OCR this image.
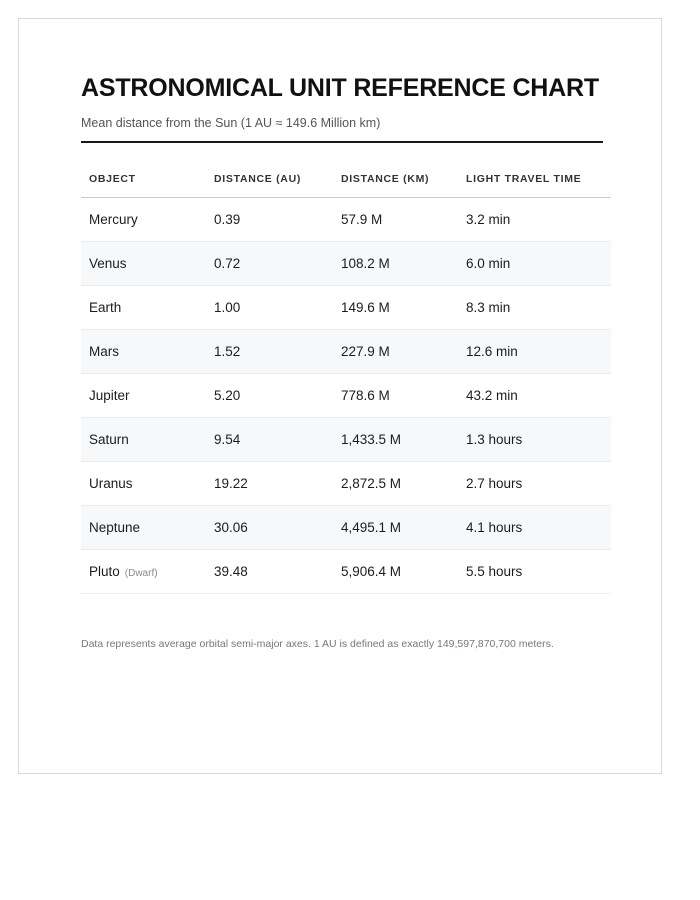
ASTRONOMICAL UNIT REFERENCE CHART

Mean distance from the Sun (1 AU ≈ 149.6 Million km)

OBJECT	DISTANCE (AU)	DISTANCE (KM)	LIGHT TRAVEL TIME
Mercury	0.39	57.9 M	3.2 min
Venus	0.72	108.2 M	6.0 min
Earth	1.00	149.6 M	8.3 min
Mars	1.52	227.9 M	12.6 min
Jupiter	5.20	778.6 M	43.2 min
Saturn	9.54	1,433.5 M	1.3 hours
Uranus	19.22	2,872.5 M	2.7 hours
Neptune	30.06	4,495.1 M	4.1 hours
Pluto (Dwarf)	39.48	5,906.4 M	5.5 hours

Data represents average orbital semi-major axes. 1 AU is defined as exactly 149,597,870,700 meters.
